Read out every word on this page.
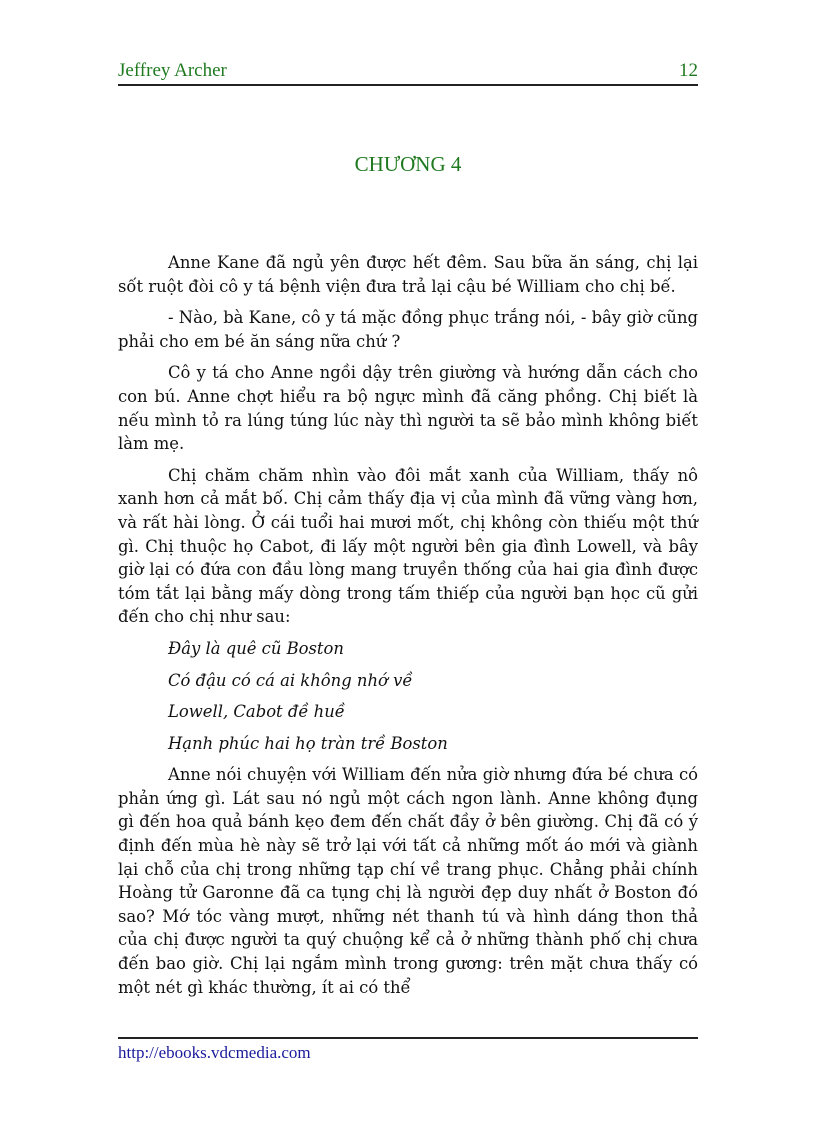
Jeffrey Archer	12
CHƯƠNG 4

Anne Kane đã ngủ yên được hết đêm. Sau bữa ăn sáng, chị lại sốt ruột đòi cô y tá bệnh viện đưa trả lại cậu bé William cho chị bế.

- Nào, bà Kane, cô y tá mặc đồng phục trắng nói, - bây giờ cũng phải cho em bé ăn sáng nữa chứ ?

Cô y tá cho Anne ngồi dậy trên giường và hướng dẫn cách cho con bú. Anne chợt hiểu ra bộ ngực mình đã căng phồng. Chị biết là nếu mình tỏ ra lúng túng lúc này thì người ta sẽ bảo mình không biết làm mẹ.

Chị chăm chăm nhìn vào đôi mắt xanh của William, thấy nô xanh hơn cả mắt bố. Chị cảm thấy địa vị của mình đã vững vàng hơn, và rất hài lòng. Ở cái tuổi hai mươi mốt, chị không còn thiếu một thứ gì. Chị thuộc họ Cabot, đi lấy một người bên gia đình Lowell, và bây giờ lại có đứa con đầu lòng mang truyền thống của hai gia đình được tóm tắt lại bằng mấy dòng trong tấm thiếp của người bạn học cũ gửi đến cho chị như sau:

Đây là quê cũ Boston

Có đậu có cá ai không nhớ về

Lowell, Cabot đề huề

Hạnh phúc hai họ tràn trề Boston

Anne nói chuyện với William đến nửa giờ nhưng đứa bé chưa có phản ứng gì. Lát sau nó ngủ một cách ngon lành. Anne không đụng gì đến hoa quả bánh kẹo đem đến chất đầy ở bên giường. Chị đã có ý định đến mùa hè này sẽ trở lại với tất cả những mốt áo mới và giành lại chỗ của chị trong những tạp chí về trang phục. Chẳng phải chính Hoàng tử Garonne đã ca tụng chị là người đẹp duy nhất ở Boston đó sao? Mớ tóc vàng mượt, những nét thanh tú và hình dáng thon thả của chị được người ta quý chuộng kể cả ở những thành phố chị chưa đến bao giờ. Chị lại ngắm mình trong gương: trên mặt chưa thấy có một nét gì khác thường, ít ai có thể

http://ebooks.vdcmedia.com
